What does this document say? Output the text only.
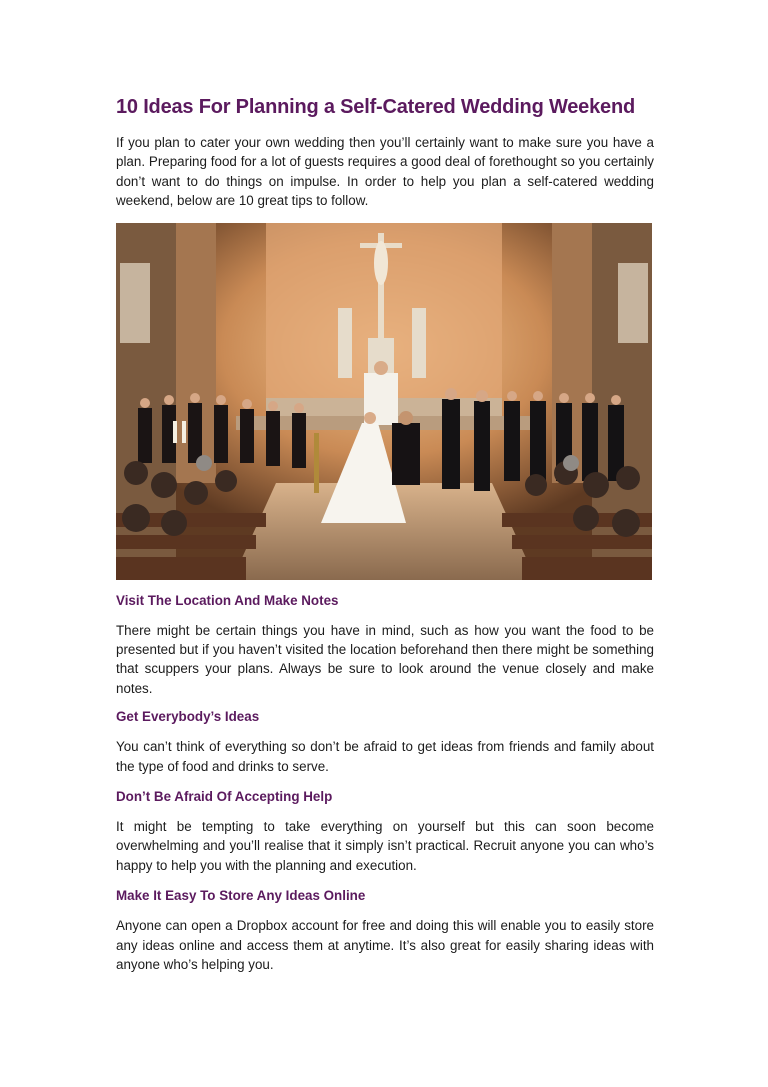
10 Ideas For Planning a Self-Catered Wedding Weekend

If you plan to cater your own wedding then you’ll certainly want to make sure you have a plan. Preparing food for a lot of guests requires a good deal of forethought so you certainly don’t want to do things on impulse. In order to help you plan a self-catered wedding weekend, below are 10 great tips to follow.

Visit The Location And Make Notes

There might be certain things you have in mind, such as how you want the food to be presented but if you haven’t visited the location beforehand then there might be something that scuppers your plans. Always be sure to look around the venue closely and make notes.

Get Everybody’s Ideas

You can’t think of everything so don’t be afraid to get ideas from friends and family about the type of food and drinks to serve.

Don’t Be Afraid Of Accepting Help

It might be tempting to take everything on yourself but this can soon become overwhelming and you’ll realise that it simply isn’t practical. Recruit anyone you can who’s happy to help you with the planning and execution.

Make It Easy To Store Any Ideas Online

Anyone can open a Dropbox account for free and doing this will enable you to easily store any ideas online and access them at anytime. It’s also great for easily sharing ideas with anyone who’s helping you.
